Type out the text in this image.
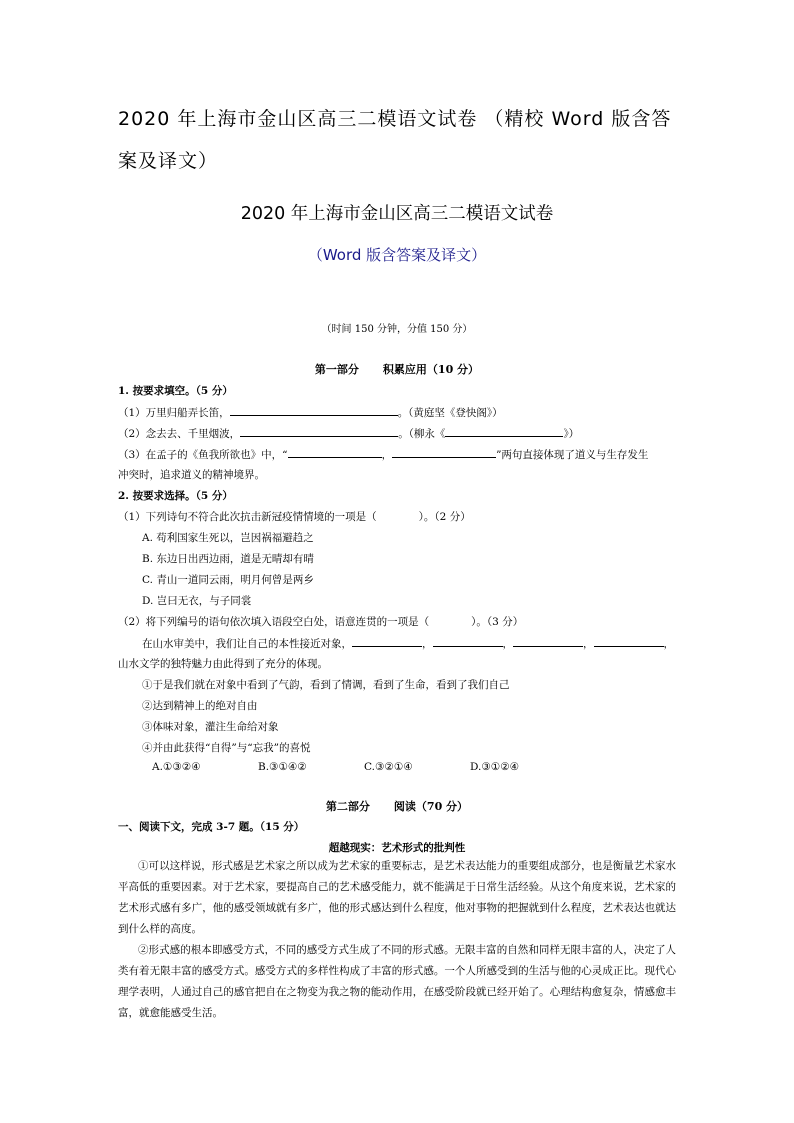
2020 年上海市金山区高三二模语文试卷 （精校 Word 版含答案及译文）
2020 年上海市金山区高三二模语文试卷
（Word 版含答案及译文）
（时间 150 分钟，分值 150 分）
第一部分 积累应用（10 分）
1. 按要求填空。（5 分）
（1）万里归船弄长笛，	。（黄庭坚《登快阁》）
（2）念去去、千里烟波，	。（柳永《	》）
（3）在孟子的《鱼我所欲也》中，“	，	”两句直接体现了道义与生存发生
冲突时，追求道义的精神境界。
2. 按要求选择。（5 分）
（1）下列诗句不符合此次抗击新冠疫情情境的一项是（　　　　）。（2 分）
A. 苟利国家生死以，岂因祸福避趋之
B. 东边日出西边雨，道是无晴却有晴
C. 青山一道同云雨，明月何曾是两乡
D. 岂曰无衣，与子同裳
（2）将下列编号的语句依次填入语段空白处，语意连贯的一项是（　　　　）。（3 分）
在山水审美中，我们让自己的本性接近对象，	，	，	，	，
山水文学的独特魅力由此得到了充分的体现。
①于是我们就在对象中看到了气韵，看到了情调，看到了生命，看到了我们自己
②达到精神上的绝对自由
③体味对象，灌注生命给对象
④并由此获得“自得”与“忘我”的喜悦
A.①③②④	B.③①④②	C.③②①④	D.③①②④
第二部分 阅读（70 分）
一、阅读下文，完成 3-7 题。（15 分）
超越现实：艺术形式的批判性
①可以这样说，形式感是艺术家之所以成为艺术家的重要标志，是艺术表达能力的重要组成部分，也是衡量艺术家水平高低的重要因素。对于艺术家，要提高自己的艺术感受能力，就不能满足于日常生活经验。从这个角度来说，艺术家的艺术形式感有多广，他的感受领域就有多广，他的形式感达到什么程度，他对事物的把握就到什么程度，艺术表达也就达到什么样的高度。
②形式感的根本即感受方式，不同的感受方式生成了不同的形式感。无限丰富的自然和同样无限丰富的人，决定了人类有着无限丰富的感受方式。感受方式的多样性构成了丰富的形式感。一个人所感受到的生活与他的心灵成正比。现代心理学表明，人通过自己的感官把自在之物变为我之物的能动作用，在感受阶段就已经开始了。心理结构愈复杂，情感愈丰富，就愈能感受生活。
